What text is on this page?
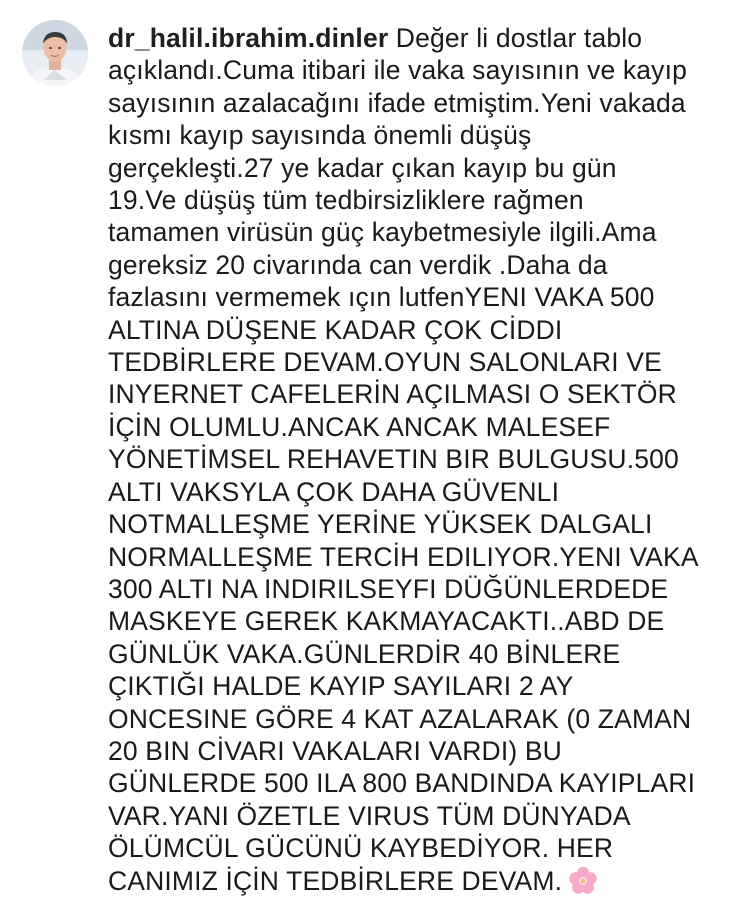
dr_halil.ibrahim.dinler Değer li dostlar tablo
açıklandı.Cuma itibari ile vaka sayısının ve kayıp
sayısının azalacağını ifade etmiştim.Yeni vakada
kısmı kayıp sayısında önemli düşüş
gerçekleşti.27 ye kadar çıkan kayıp bu gün
19.Ve düşüş tüm tedbirsizliklere rağmen
tamamen virüsün güç kaybetmesiyle ilgili.Ama
gereksiz 20 civarında can verdik .Daha da
fazlasını vermemek ıçın lutfenYENI VAKA 500
ALTINA DÜŞENE KADAR ÇOK CİDDI
TEDBİRLERE DEVAM.OYUN SALONLARI VE
INYERNET CAFELERİN AÇILMASI O SEKTÖR
İÇİN OLUMLU.ANCAK ANCAK MALESEF
YÖNETİMSEL REHAVETIN BIR BULGUSU.500
ALTI VAKSYLA ÇOK DAHA GÜVENLI
NOTMALLEŞME YERİNE YÜKSEK DALGALI
NORMALLEŞME TERCİH EDILIYOR.YENI VAKA
300 ALTI NA INDIRILSEYFI DÜĞÜNLERDEDE
MASKEYE GEREK KAKMAYACAKTI..ABD DE
GÜNLÜK VAKA.GÜNLERDİR 40 BİNLERE
ÇIKTIĞI HALDE KAYIP SAYILARI 2 AY
ONCESINE GÖRE 4 KAT AZALARAK (0 ZAMAN
20 BIN CİVARI VAKALARI VARDI) BU
GÜNLERDE 500 ILA 800 BANDINDA KAYIPLARI
VAR.YANI ÖZETLE VIRUS TÜM DÜNYADA
ÖLÜMCÜL GÜCÜNÜ KAYBEDİYOR. HER
CANIMIZ İÇİN TEDBİRLERE DEVAM.
